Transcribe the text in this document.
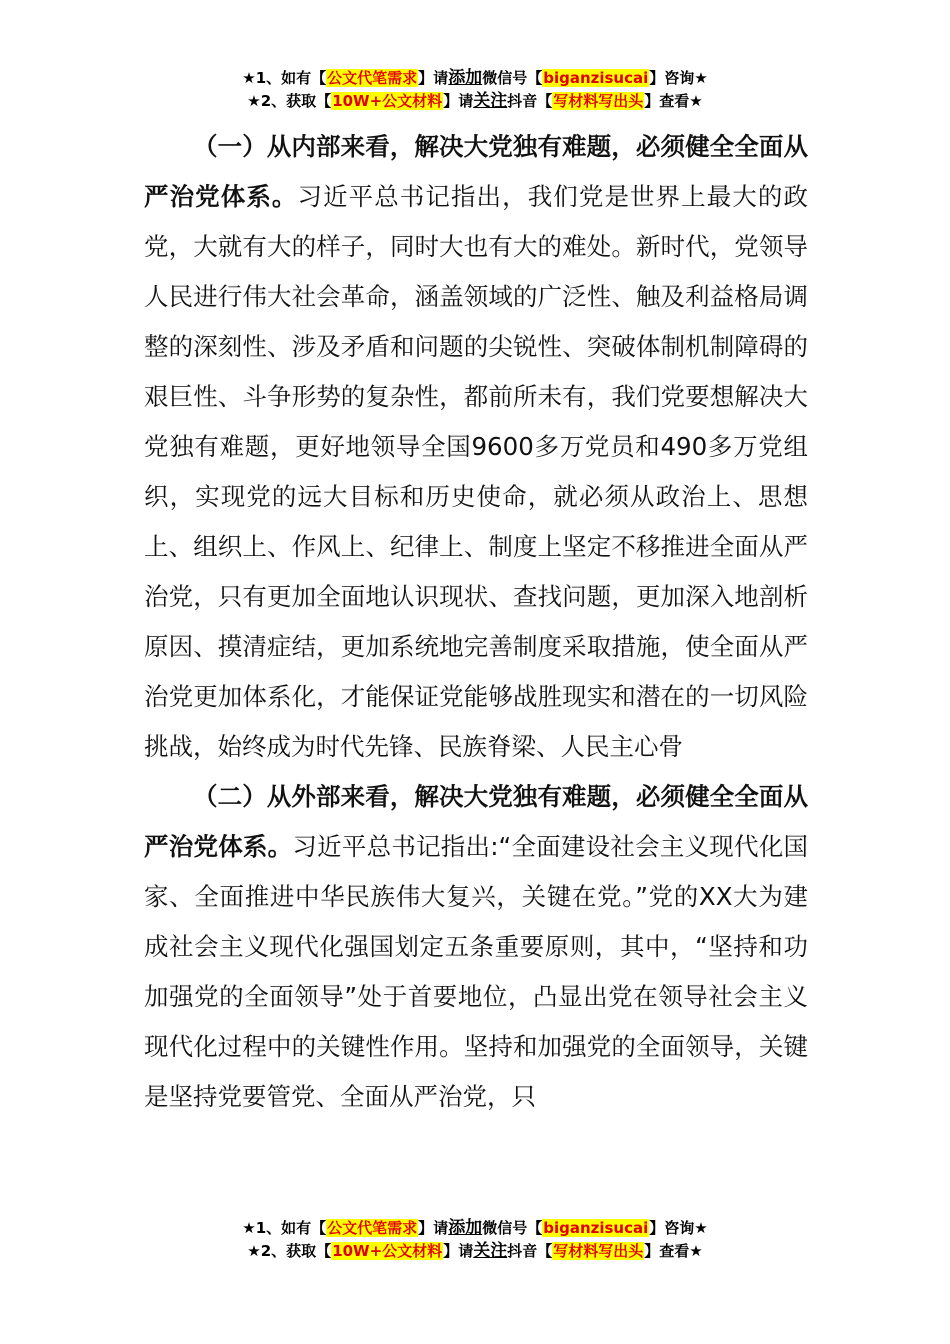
★1、如有【公文代笔需求】请添加微信号【biganzisucai】咨询★
★2、获取【10W+公文材料】请关注抖音【写材料写出头】查看★

（一）从内部来看，解决大党独有难题，必须健全全面从严治党体系。习近平总书记指出，我们党是世界上最大的政党，大就有大的样子，同时大也有大的难处。新时代，党领导人民进行伟大社会革命，涵盖领域的广泛性、触及利益格局调整的深刻性、涉及矛盾和问题的尖锐性、突破体制机制障碍的艰巨性、斗争形势的复杂性，都前所未有，我们党要想解决大党独有难题，更好地领导全国9600多万党员和490多万党组织，实现党的远大目标和历史使命，就必须从政治上、思想上、组织上、作风上、纪律上、制度上坚定不移推进全面从严治党，只有更加全面地认识现状、查找问题，更加深入地剖析原因、摸清症结，更加系统地完善制度采取措施，使全面从严治党更加体系化，才能保证党能够战胜现实和潜在的一切风险挑战，始终成为时代先锋、民族脊梁、人民主心骨

（二）从外部来看，解决大党独有难题，必须健全全面从严治党体系。习近平总书记指出:“全面建设社会主义现代化国家、全面推进中华民族伟大复兴，关键在党。”党的XX大为建成社会主义现代化强国划定五条重要原则，其中，“坚持和功加强党的全面领导”处于首要地位，凸显出党在领导社会主义现代化过程中的关键性作用。坚持和加强党的全面领导，关键是坚持党要管党、全面从严治党，只

★1、如有【公文代笔需求】请添加微信号【biganzisucai】咨询★
★2、获取【10W+公文材料】请关注抖音【写材料写出头】查看★
